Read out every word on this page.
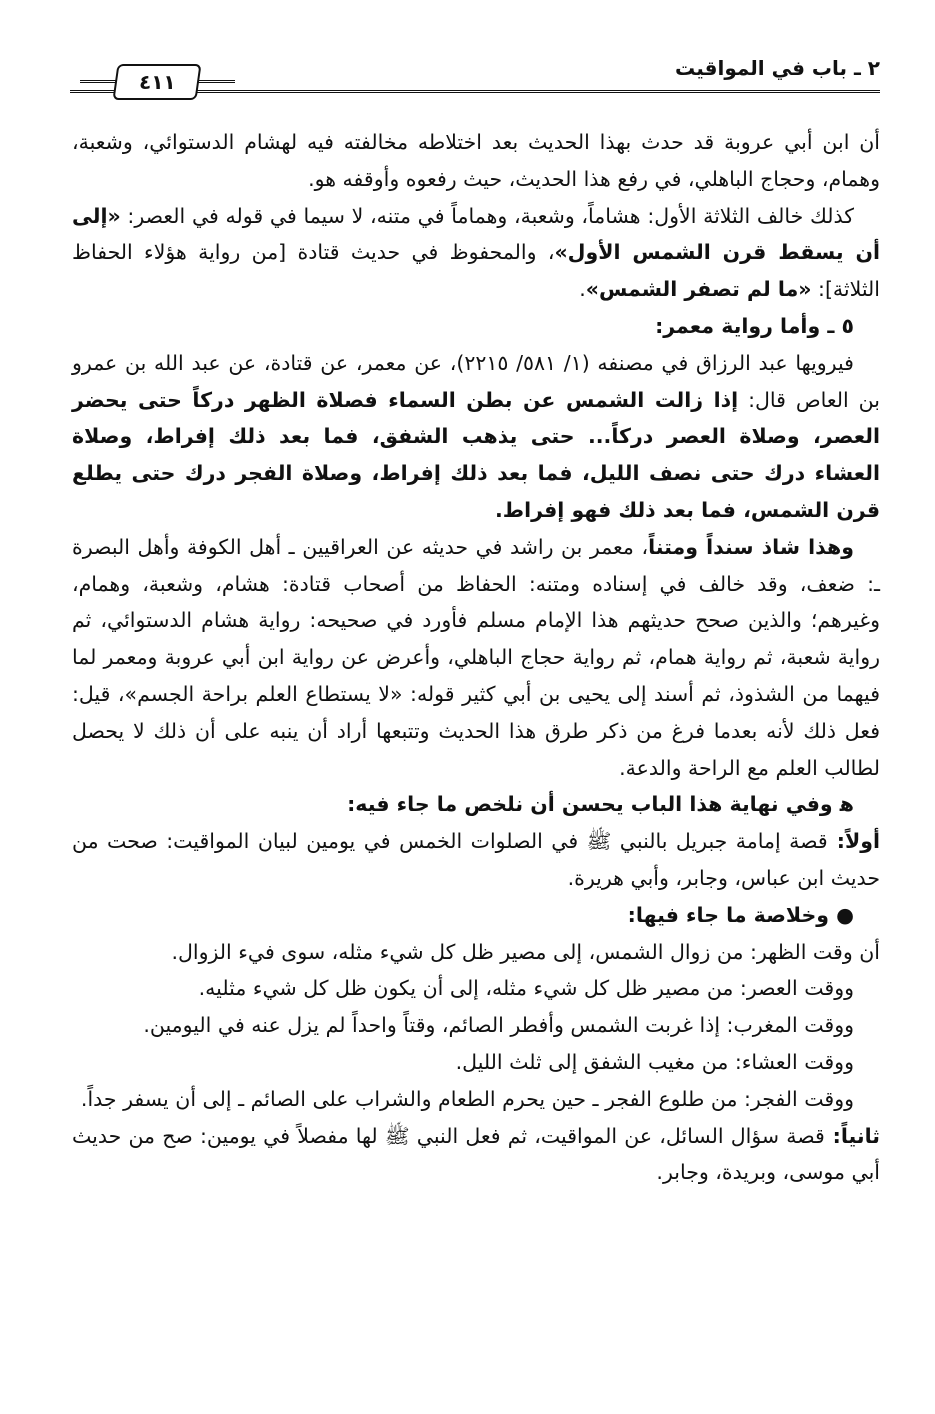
٤١١
٢ ـ باب في المواقيت

أن ابن أبي عروبة قد حدث بهذا الحديث بعد اختلاطه مخالفته فيه لهشام الدستوائي، وشعبة، وهمام، وحجاج الباهلي، في رفع هذا الحديث، حيث رفعوه وأوقفه هو.

كذلك خالف الثلاثة الأول: هشاماً، وشعبة، وهماماً في متنه، لا سيما في قوله في العصر: «إلى أن يسقط قرن الشمس الأول»، والمحفوظ في حديث قتادة [من رواية هؤلاء الحفاظ الثلاثة]: «ما لم تصفر الشمس».

٥ ـ وأما رواية معمر:

فيرويها عبد الرزاق في مصنفه (١/ ٥٨١/ ٢٢١٥)، عن معمر، عن قتادة، عن عبد الله بن عمرو بن العاص قال: إذا زالت الشمس عن بطن السماء فصلاة الظهر دركاً حتى يحضر العصر، وصلاة العصر دركاً... حتى يذهب الشفق، فما بعد ذلك إفراط، وصلاة العشاء درك حتى نصف الليل، فما بعد ذلك إفراط، وصلاة الفجر درك حتى يطلع قرن الشمس، فما بعد ذلك فهو إفراط.

وهذا شاذ سنداً ومتناً، معمر بن راشد في حديثه عن العراقيين ـ أهل الكوفة وأهل البصرة ـ: ضعف، وقد خالف في إسناده ومتنه: الحفاظ من أصحاب قتادة: هشام، وشعبة، وهمام، وغيرهم؛ والذين صحح حديثهم هذا الإمام مسلم فأورد في صحيحه: رواية هشام الدستوائي، ثم رواية شعبة، ثم رواية همام، ثم رواية حجاج الباهلي، وأعرض عن رواية ابن أبي عروبة ومعمر لما فيهما من الشذوذ، ثم أسند إلى يحيى بن أبي كثير قوله: «لا يستطاع العلم براحة الجسم»، قيل: فعل ذلك لأنه بعدما فرغ من ذكر طرق هذا الحديث وتتبعها أراد أن ينبه على أن ذلك لا يحصل لطالب العلم مع الراحة والدعة.

ﻫ وفي نهاية هذا الباب يحسن أن نلخص ما جاء فيه:

أولاً: قصة إمامة جبريل بالنبي ﷺ في الصلوات الخمس في يومين لبيان المواقيت: صحت من حديث ابن عباس، وجابر، وأبي هريرة.

● وخلاصة ما جاء فيها:

أن وقت الظهر: من زوال الشمس، إلى مصير ظل كل شيء مثله، سوى فيء الزوال.

ووقت العصر: من مصير ظل كل شيء مثله، إلى أن يكون ظل كل شيء مثليه.

ووقت المغرب: إذا غربت الشمس وأفطر الصائم، وقتاً واحداً لم يزل عنه في اليومين.

ووقت العشاء: من مغيب الشفق إلى ثلث الليل.

ووقت الفجر: من طلوع الفجر ـ حين يحرم الطعام والشراب على الصائم ـ إلى أن يسفر جداً.

ثانياً: قصة سؤال السائل، عن المواقيت، ثم فعل النبي ﷺ لها مفصلاً في يومين: صح من حديث أبي موسى، وبريدة، وجابر.
